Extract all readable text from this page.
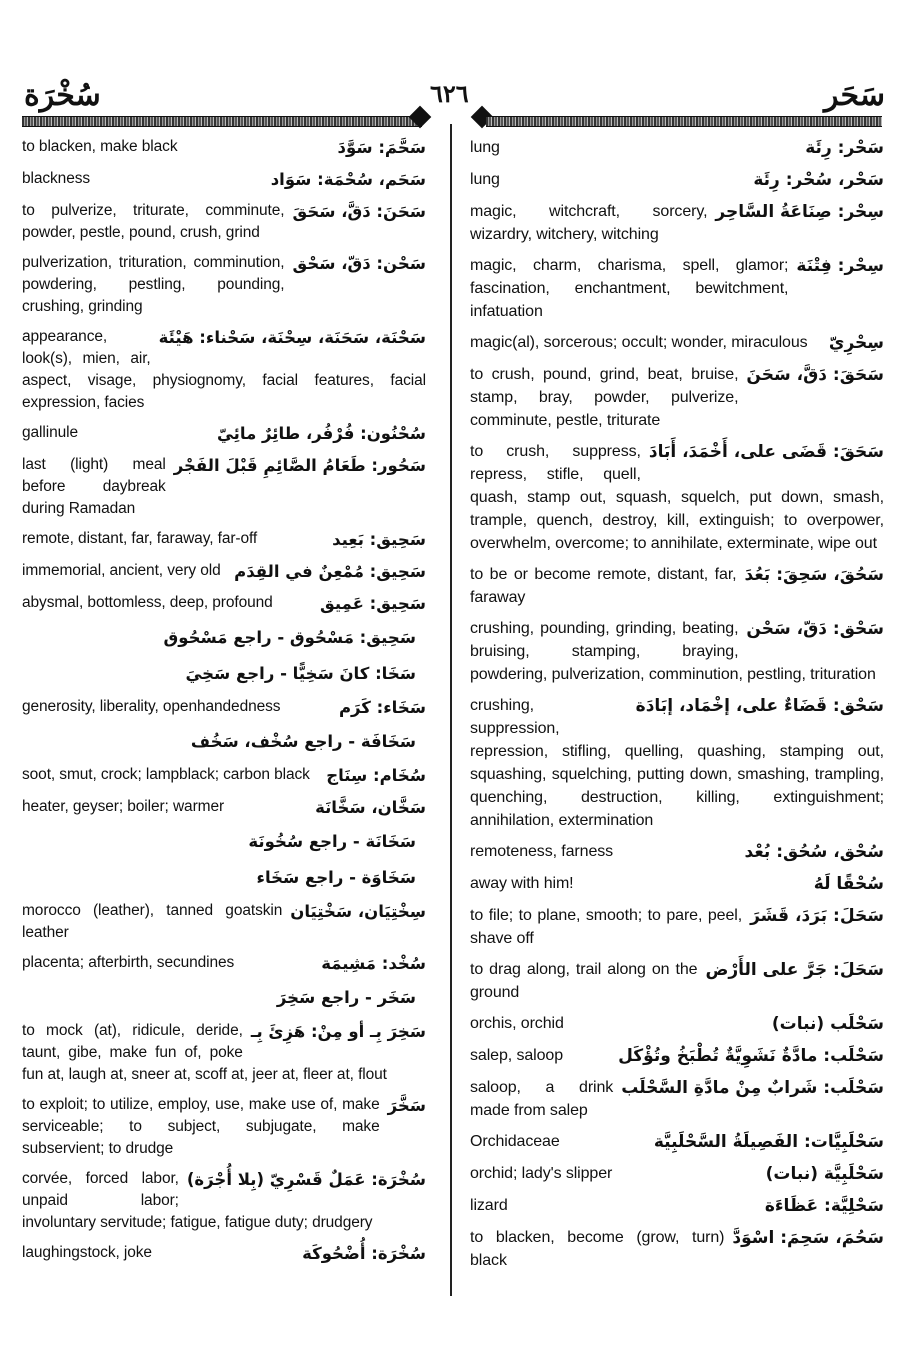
سُخْرَة	٦٢٦	سَحَر
سَحَّمَ: سَوَّدَ
to blacken, make black
سَحَم، سُحْمَة: سَوَاد
blackness
سَحَنَ: دَقَّ، سَحَقَ
to pulverize, triturate, comminute, powder, pestle, pound, crush, grind
سَحْن: دَقّ، سَحْق
pulverization, trituration, comminution, powdering, pestling, pounding, crushing, grinding
سَحْنَة، سَحَنَة، سِحْنَة، سَحْناء: هَيْئَة
appearance, look(s), mien, air, aspect, visage, physiognomy, facial features, facial expression, facies
سُحْنُون: فُرْفُر، طائِرٌ مائِيّ
gallinule
سَحُور: طَعَامُ الصَّائِمِ قَبْلَ الفَجْر
last (light) meal before daybreak during Ramadan
سَحِيق: بَعِيد
remote, distant, far, faraway, far-off
سَحِيق: مُمْعِنٌ في القِدَم
immemorial, ancient, very old
سَحِيق: عَمِيق
abysmal, bottomless, deep, profound
سَحِيق: مَسْحُوق - راجع مَسْحُوق
سَخَا: كانَ سَخِيًّا - راجع سَخِيَ
سَخَاء: كَرَم
generosity, liberality, openhandedness
سَخَافَة - راجع سُخْف، سَخُف
سُخَام: سِنَاج
soot, smut, crock; lampblack; carbon black
سَخَّان، سَخَّانَة
heater, geyser; boiler; warmer
سَخَانَة - راجع سُخُونَة
سَخَاوَة - راجع سَخَاء
سِخْتِيَان، سَخْتِيَان
morocco (leather), tanned goatskin leather
سُخْد: مَشِيمَة
placenta; afterbirth, secundines
سَخَر - راجع سَخِرَ
سَخِرَ بِـ أو مِنْ: هَزِئَ بِـ
to mock (at), ridicule, deride, taunt, gibe, make fun of, poke fun at, laugh at, sneer at, scoff at, jeer at, fleer at, flout
سَخَّرَ
to exploit; to utilize, employ, use, make use of, make serviceable; to subject, subjugate, make subservient; to drudge
سُخْرَة: عَمَلٌ قَسْرِيّ (بِلا أُجْرَة)
corvée, forced labor, unpaid labor; involuntary servitude; fatigue, fatigue duty; drudgery
سُخْرَة: أُضْحُوكَة
laughingstock, joke
سَحْر: رِئَة
lung
سَحْر، سُحْر: رِئَة
lung
سِحْر: صِنَاعَةُ السَّاحِر
magic, witchcraft, sorcery, wizardry, witchery, witching
سِحْر: فِتْنَة
magic, charm, charisma, spell, glamor; fascination, enchantment, bewitchment, infatuation
سِحْرِيّ
magic(al), sorcerous; occult; wonder, miraculous
سَحَقَ: دَقَّ، سَحَنَ
to crush, pound, grind, beat, bruise, stamp, bray, powder, pulverize, comminute, pestle, triturate
سَحَقَ: قَضَى على، أَخْمَدَ، أَبَادَ
to crush, suppress, repress, stifle, quell, quash, stamp out, squash, squelch, put down, smash, trample, quench, destroy, kill, extinguish; to overpower, overwhelm, overcome; to annihilate, exterminate, wipe out
سَحُقَ، سَحِقَ: بَعُدَ
to be or become remote, distant, far, faraway
سَحْق: دَقّ، سَحْن
crushing, pounding, grinding, beating, bruising, stamping, braying, powdering, pulverization, comminution, pestling, trituration
سَحْق: قَضَاءٌ على، إخْمَاد، إبَادَة
crushing, suppression, repression, stifling, quelling, quashing, stamping out, squashing, squelching, putting down, smashing, trampling, quenching, destruction, killing, extinguishment; annihilation, extermination
سُحْق، سُحُق: بُعْد
remoteness, farness
سُحْقًا لَهُ
away with him!
سَحَلَ: بَرَدَ، قَشَرَ
to file; to plane, smooth; to pare, peel, shave off
سَحَلَ: جَرَّ على الأَرْض
to drag along, trail along on the ground
سَحْلَب (نبات)
orchis, orchid
سَحْلَب: مادَّةٌ نَشَوِيَّةٌ تُطْبَخُ وتُؤْكَل
salep, saloop
سَحْلَب: شَرابٌ مِنْ مادَّةِ السَّحْلَب
saloop, a drink made from salep
سَحْلَبِيَّات: الفَصِيلَةُ السَّحْلَبِيَّة
Orchidaceae
سَحْلَبِيَّة (نبات)
orchid; lady's slipper
سَحْلِيَّة: عَظَاءَة
lizard
سَحُمَ، سَحِمَ: اسْوَدَّ
to blacken, become (grow, turn) black
